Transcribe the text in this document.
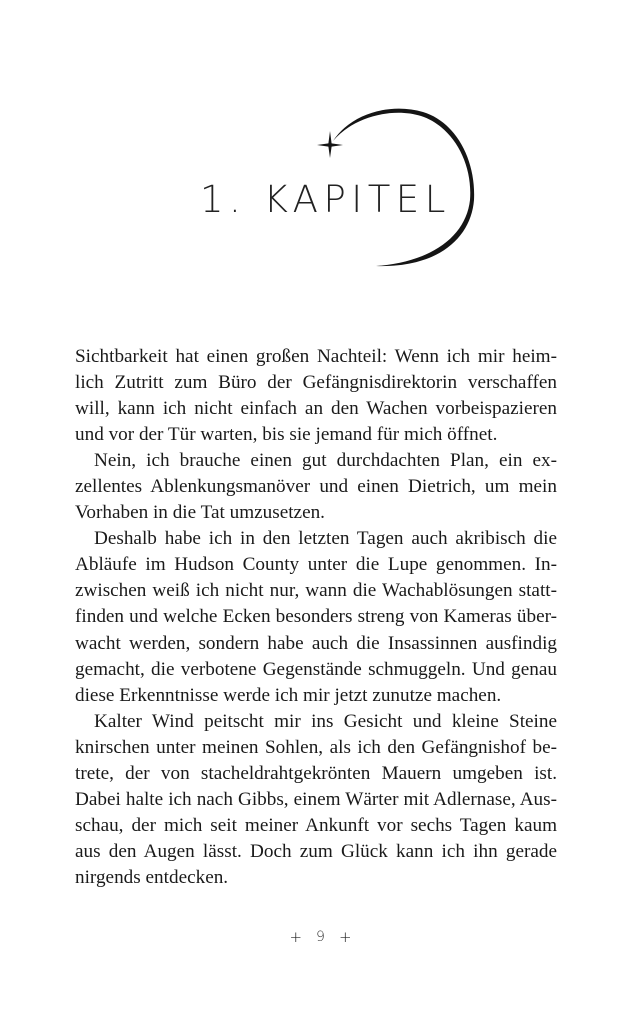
1. KAPITEL
Sichtbarkeit hat einen großen Nachteil: Wenn ich mir heim-
lich Zutritt zum Büro der Gefängnisdirektorin verschaffen
will, kann ich nicht einfach an den Wachen vorbeispazieren
und vor der Tür warten, bis sie jemand für mich öffnet.
Nein, ich brauche einen gut durchdachten Plan, ein ex-
zellentes Ablenkungsmanöver und einen Dietrich, um mein
Vorhaben in die Tat umzusetzen.
Deshalb habe ich in den letzten Tagen auch akribisch die
Abläufe im Hudson County unter die Lupe genommen. In-
zwischen weiß ich nicht nur, wann die Wachablösungen statt-
finden und welche Ecken besonders streng von Kameras über-
wacht werden, sondern habe auch die Insassinnen ausfindig
gemacht, die verbotene Gegenstände schmuggeln. Und genau
diese Erkenntnisse werde ich mir jetzt zunutze machen.
Kalter Wind peitscht mir ins Gesicht und kleine Steine
knirschen unter meinen Sohlen, als ich den Gefängnishof be-
trete, der von stacheldrahtgekrönten Mauern umgeben ist.
Dabei halte ich nach Gibbs, einem Wärter mit Adlernase, Aus-
schau, der mich seit meiner Ankunft vor sechs Tagen kaum
aus den Augen lässt. Doch zum Glück kann ich ihn gerade
nirgends entdecken.
+ 9 +
